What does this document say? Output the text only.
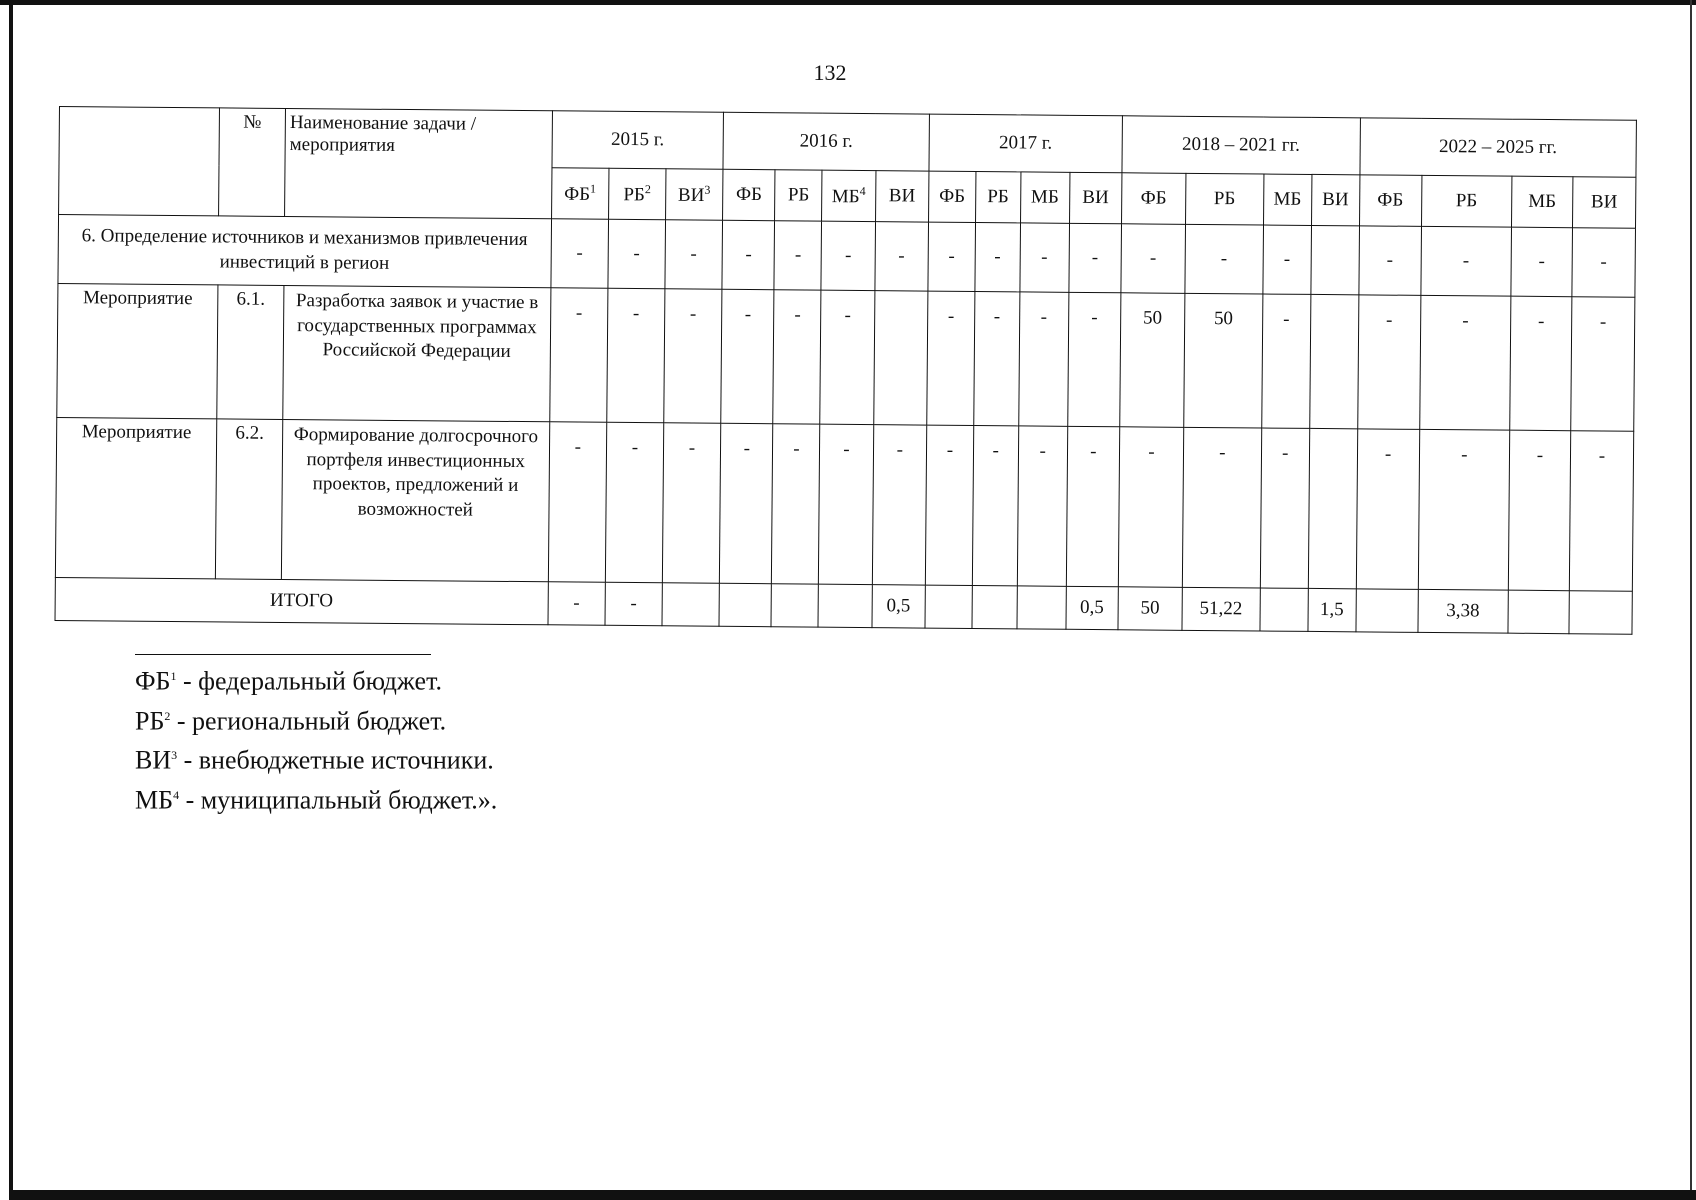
132
	№	Наименование задачи / мероприятия	2015 г.			2016 г.				2017 г.				2018 – 2021 гг.				2022 – 2025 гг.			
			$ФБ^1$	$РБ^2$	$ВИ^3$	ФБ	РБ	$МБ^4$	ВИ	ФБ	РБ	МБ	ВИ	ФБ	РБ	МБ	ВИ	ФБ	РБ	МБ	ВИ
6. Определение источников и механизмов привлечения инвестиций в регион			-	-	-	-	-	-	-	-	-	-	-	-	-	-		-	-	-	-
Мероприятие	6.1.	Разработка заявок и участие в государственных программах Российской Федерации	-	-	-	-	-	-		-	-	-	-	50	50	-		-	-	-	-
Мероприятие	6.2.	Формирование долгосрочного портфеля инвестиционных проектов, предложений и возможностей	-	-	-	-	-	-	-	-	-	-	-	-	-	-		-	-	-	-
ИТОГО			-	-					0,5				0,5	50	51,22		1,5		3,38		
$ФБ^1$ - федеральный бюджет.
$РБ^2$ - региональный бюджет.
$ВИ^3$ - внебюджетные источники.
$МБ^4$ - муниципальный бюджет.».
